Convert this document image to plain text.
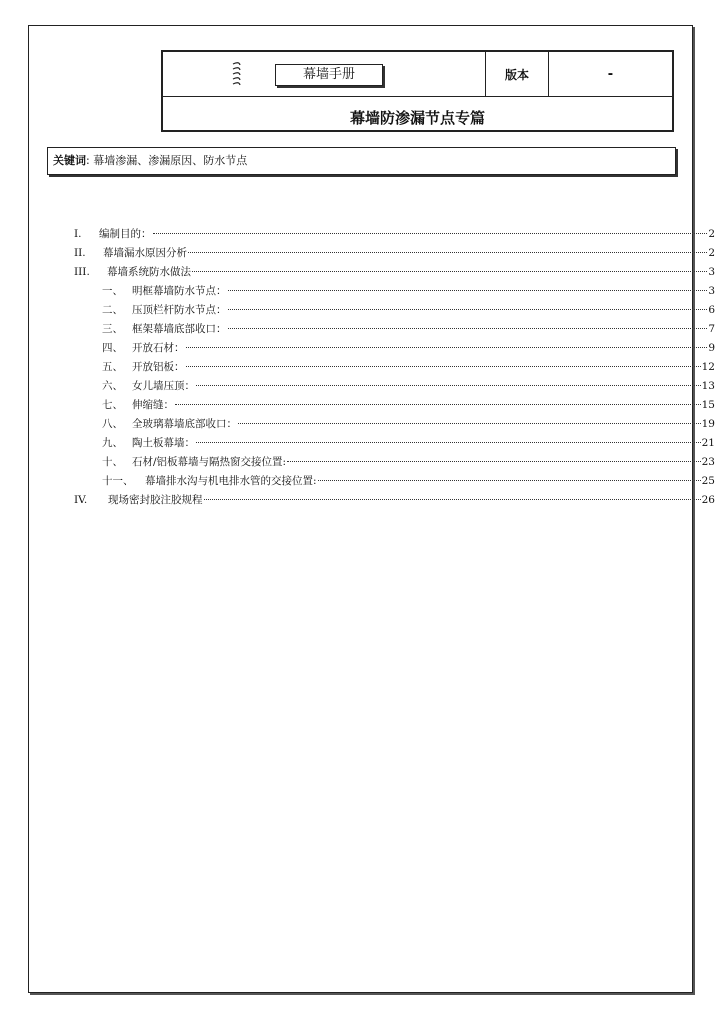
幕墙手册	版本	-
幕墙防渗漏节点专篇
关键词: 幕墙渗漏、渗漏原因、防水节点
I.	编制目的：	2
II.	幕墙漏水原因分析	2
III.	幕墙系统防水做法	3
一、 明框幕墙防水节点：	3
二、 压顶栏杆防水节点：	6
三、 框架幕墙底部收口：	7
四、 开放石材：	9
五、 开放铝板：	12
六、 女儿墙压顶：	13
七、 伸缩缝：	15
八、 全玻璃幕墙底部收口：	19
九、 陶土板幕墙：	21
十、 石材/铝板幕墙与隔热窗交接位置:	23
十一、	幕墙排水沟与机电排水管的交接位置:	25
IV.	现场密封胶注胶规程	26
